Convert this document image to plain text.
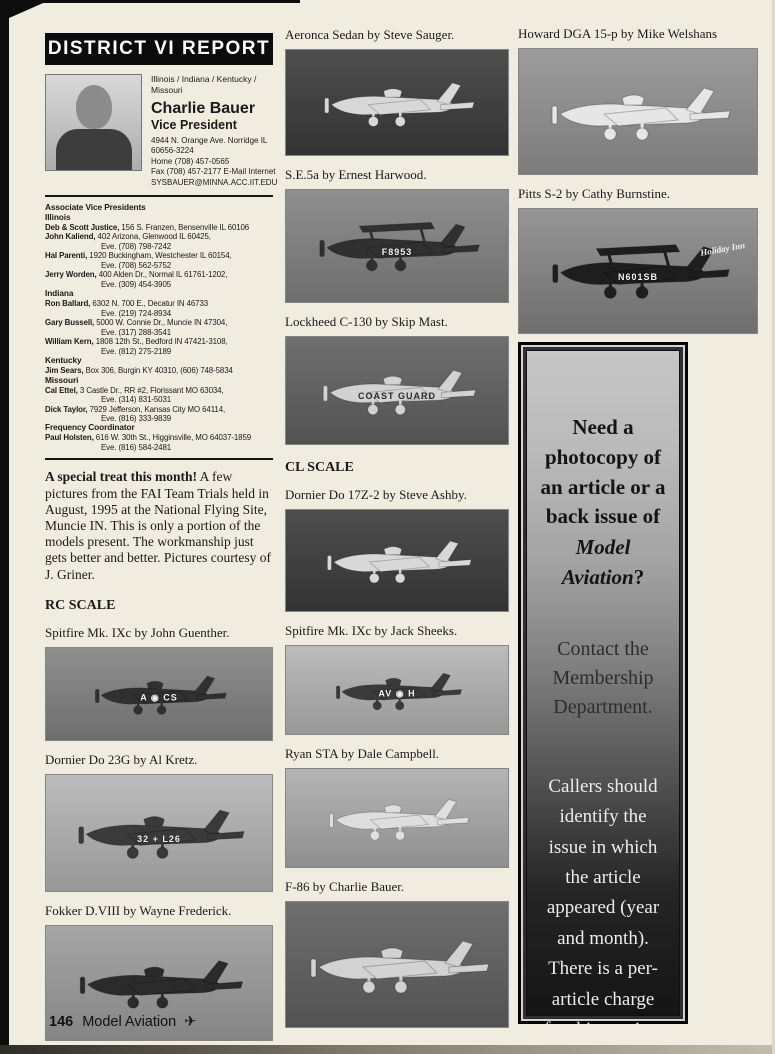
DISTRICT VI REPORT
Illinois / Indiana / Kentucky / Missouri
Charlie Bauer
Vice President
4944 N. Orange Ave. Norridge IL
60656-3224
Home (708) 457-0565
Fax (708) 457-2177 E-Mail Internet
SYSBAUER@MINNA.ACC.IIT.EDU
Associate Vice Presidents
Illinois
Deb & Scott Justice, 156 S. Franzen, Bensenville IL 60106
John Kaliend, 402 Arizona, Glenwood IL 60425,
Eve. (708) 798-7242
Hal Parenti, 1920 Buckingham, Westchester IL 60154,
Eve. (708) 562-5752
Jerry Worden, 400 Alden Dr., Normal IL 61761-1202,
Eve. (309) 454-3905
Indiana
Ron Ballard, 6302 N. 700 E., Decatur IN 46733
Eve. (219) 724-8934
Gary Bussell, 5000 W. Connie Dr., Muncie IN 47304,
Eve. (317) 288-3541
William Kern, 1808 12th St., Bedford IN 47421-3108,
Eve. (812) 275-2189
Kentucky
Jim Sears, Box 306, Burgin KY 40310, (606) 748-5834
Missouri
Cal Ettel, 3 Castle Dr., RR #2, Florissant MO 63034,
Eve. (314) 831-5031
Dick Taylor, 7929 Jefferson, Kansas City MO 64114,
Eve. (816) 333-9839
Frequency Coordinator
Paul Holsten, 616 W. 30th St., Higginsville, MO 64037-1859
Eve. (816) 584-2481
A special treat this month! A few pictures from the FAI Team Trials held in August, 1995 at the National Flying Site, Muncie IN. This is only a portion of the models present. The workmanship just gets better and better. Pictures courtesy of J. Griner.
RC SCALE
Spitfire Mk. IXc by John Guenther.
A ◉ CS
Dornier Do 23G by Al Kretz.
32 + L26
Fokker D.VIII by Wayne Frederick.
Aeronca Sedan by Steve Sauger.
S.E.5a by Ernest Harwood.
F8953
Lockheed C-130 by Skip Mast.
COAST GUARD
CL SCALE
Dornier Do 17Z-2 by Steve Ashby.
Spitfire Mk. IXc by Jack Sheeks.
AV ◉ H
Ryan STA by Dale Campbell.
F-86 by Charlie Bauer.
Howard DGA 15-p by Mike Welshans
Pitts S-2 by Cathy Burnstine.
N601SB
Holiday Inn
Need a photocopy of an article or a back issue of
Model Aviation?
Contact the Membership Department.
Callers should identify the issue in which the article appeared (year and month). There is a per-article charge for this service.
146 Model Aviation ✈
